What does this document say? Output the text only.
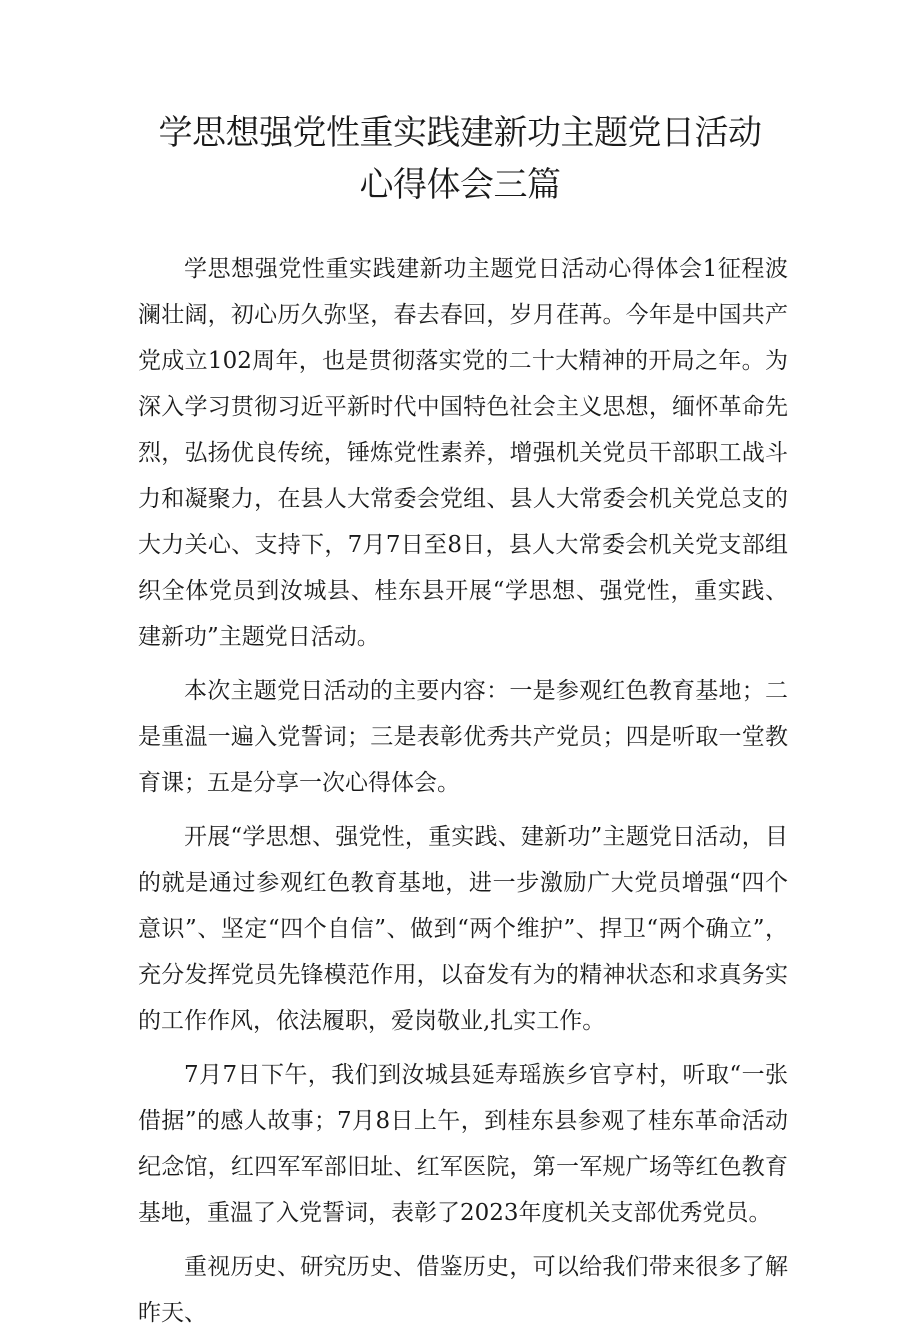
学思想强党性重实践建新功主题党日活动
心得体会三篇

学思想强党性重实践建新功主题党日活动心得体会1征程波澜壮阔，初心历久弥坚，春去春回，岁月荏苒。今年是中国共产党成立102周年，也是贯彻落实党的二十大精神的开局之年。为深入学习贯彻习近平新时代中国特色社会主义思想，缅怀革命先烈，弘扬优良传统，锤炼党性素养，增强机关党员干部职工战斗力和凝聚力，在县人大常委会党组、县人大常委会机关党总支的大力关心、支持下，7月7日至8日，县人大常委会机关党支部组织全体党员到汝城县、桂东县开展“学思想、强党性，重实践、建新功”主题党日活动。

本次主题党日活动的主要内容：一是参观红色教育基地；二是重温一遍入党誓词；三是表彰优秀共产党员；四是听取一堂教育课；五是分享一次心得体会。

开展“学思想、强党性，重实践、建新功”主题党日活动，目的就是通过参观红色教育基地，进一步激励广大党员增强“四个意识”、坚定“四个自信”、做到“两个维护”、捍卫“两个确立”，充分发挥党员先锋模范作用，以奋发有为的精神状态和求真务实的工作作风，依法履职，爱岗敬业,扎实工作。

7月7日下午，我们到汝城县延寿瑶族乡官亨村，听取“一张借据”的感人故事；7月8日上午，到桂东县参观了桂东革命活动纪念馆，红四军军部旧址、红军医院，第一军规广场等红色教育基地，重温了入党誓词，表彰了2023年度机关支部优秀党员。

重视历史、研究历史、借鉴历史，可以给我们带来很多了解昨天、
